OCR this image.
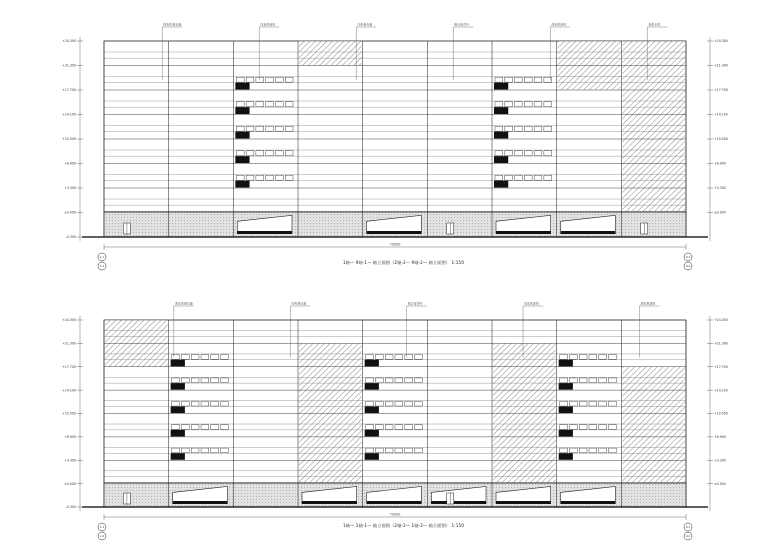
+24.300
+21.300
+17.700
+14.100
+10.500
+6.900
+3.300
±0.000
-0.300
+24.300
+21.300
+17.700
+14.100
+10.500
+6.900
+3.300
±0.000
72000
1-1
1-2
9-1
9-2
深灰色真石漆	浅灰色涂料	白色真石漆	铝合金百叶	深灰色涂料	灰色石材
+24.300
+21.300
+17.700
+14.100
+10.500
+6.900
+3.300
±0.000
-0.300
+24.300
+21.300
+17.700
+14.100
+10.500
+6.900
+3.300
±0.000
72000
1-1
1-2
9-1
9-2
深灰色真石漆	白色真石漆	铝合金百叶	浅灰色涂料	深灰色涂料
1轴— 9轴-1— 轴立面图（2轴-2— 9轴-2— 轴立面图） 1:150
1轴— 1轴-1— 轴立面图（2轴-2— 1轴-2— 轴立面图） 1:150
